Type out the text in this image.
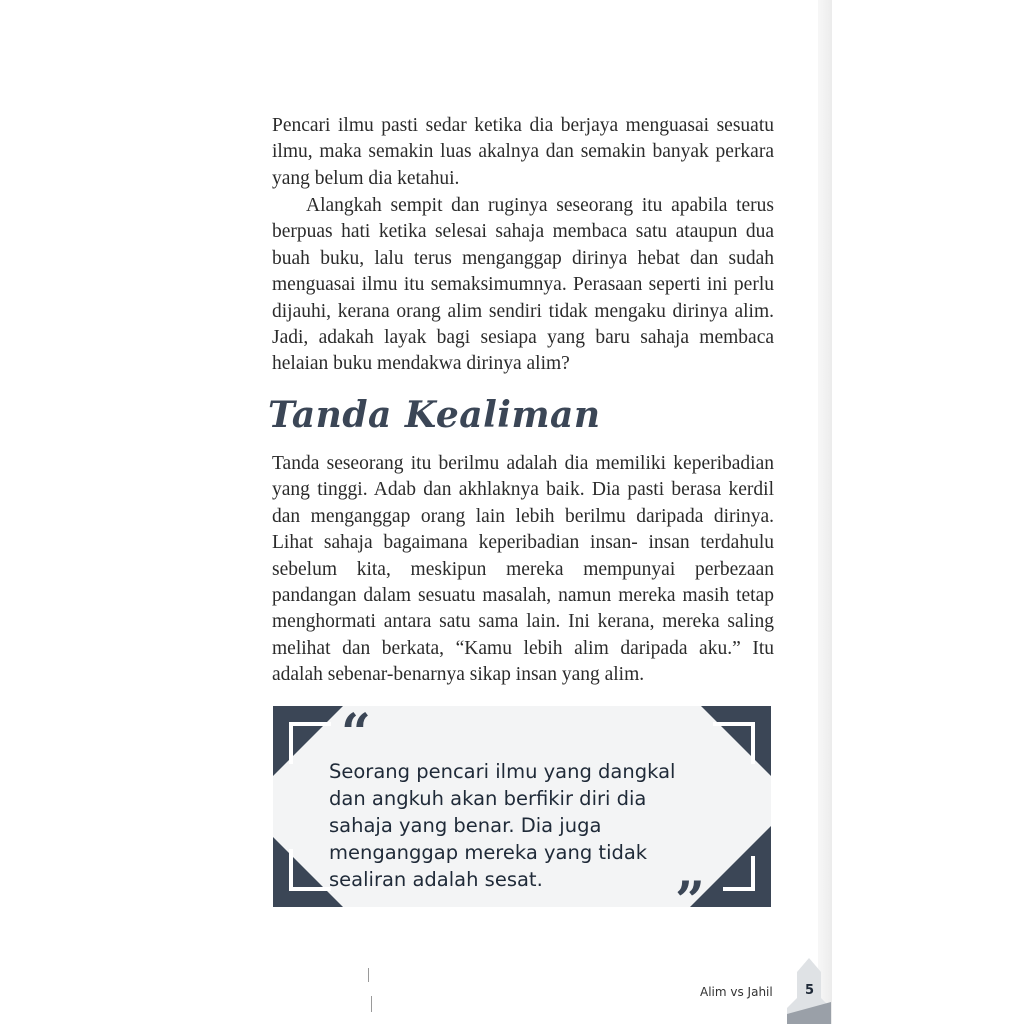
Pencari ilmu pasti sedar ketika dia berjaya menguasai sesuatu ilmu, maka semakin luas akalnya dan semakin banyak perkara yang belum dia ketahui.

Alangkah sempit dan ruginya seseorang itu apabila terus berpuas hati ketika selesai sahaja membaca satu ataupun dua buah buku, lalu terus menganggap dirinya hebat dan sudah menguasai ilmu itu semaksimumnya. Perasaan seperti ini perlu dijauhi, kerana orang alim sendiri tidak mengaku dirinya alim. Jadi, adakah layak bagi sesiapa yang baru sahaja membaca helaian buku mendakwa dirinya alim?

Tanda Kealiman

Tanda seseorang itu berilmu adalah dia memiliki keperibadian yang tinggi. Adab dan akhlaknya baik. Dia pasti berasa kerdil dan menganggap orang lain lebih berilmu daripada dirinya. Lihat sahaja bagaimana keperibadian insan- insan terdahulu sebelum kita, meskipun mereka mempunyai perbezaan pandangan dalam sesuatu masalah, namun mereka masih tetap menghormati antara satu sama lain. Ini kerana, mereka saling melihat dan berkata, “Kamu lebih alim daripada aku.” Itu adalah sebenar-benarnya sikap insan yang alim.

“

Seorang pencari ilmu yang dangkal dan angkuh akan berfikir diri dia sahaja yang benar. Dia juga menganggap mereka yang tidak sealiran adalah sesat.	”
Alim vs Jahil 5
